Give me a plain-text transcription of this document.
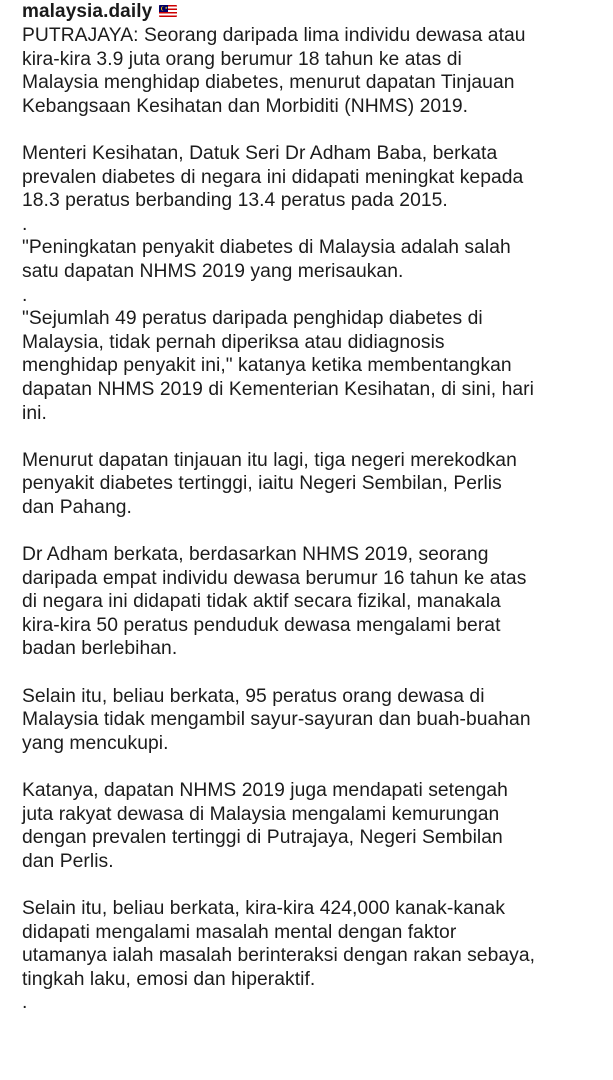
malaysia.daily

PUTRAJAYA: Seorang daripada lima individu dewasa atau
kira-kira 3.9 juta orang berumur 18 tahun ke atas di
Malaysia menghidap diabetes, menurut dapatan Tinjauan
Kebangsaan Kesihatan dan Morbiditi (NHMS) 2019.

Menteri Kesihatan, Datuk Seri Dr Adham Baba, berkata
prevalen diabetes di negara ini didapati meningkat kepada
18.3 peratus berbanding 13.4 peratus pada 2015.

.

"Peningkatan penyakit diabetes di Malaysia adalah salah
satu dapatan NHMS 2019 yang merisaukan.

.

"Sejumlah 49 peratus daripada penghidap diabetes di
Malaysia, tidak pernah diperiksa atau didiagnosis
menghidap penyakit ini," katanya ketika membentangkan
dapatan NHMS 2019 di Kementerian Kesihatan, di sini, hari
ini.

Menurut dapatan tinjauan itu lagi, tiga negeri merekodkan
penyakit diabetes tertinggi, iaitu Negeri Sembilan, Perlis
dan Pahang.

Dr Adham berkata, berdasarkan NHMS 2019, seorang
daripada empat individu dewasa berumur 16 tahun ke atas
di negara ini didapati tidak aktif secara fizikal, manakala
kira-kira 50 peratus penduduk dewasa mengalami berat
badan berlebihan.

Selain itu, beliau berkata, 95 peratus orang dewasa di
Malaysia tidak mengambil sayur-sayuran dan buah-buahan
yang mencukupi.

Katanya, dapatan NHMS 2019 juga mendapati setengah
juta rakyat dewasa di Malaysia mengalami kemurungan
dengan prevalen tertinggi di Putrajaya, Negeri Sembilan
dan Perlis.

Selain itu, beliau berkata, kira-kira 424,000 kanak-kanak
didapati mengalami masalah mental dengan faktor
utamanya ialah masalah berinteraksi dengan rakan sebaya,
tingkah laku, emosi dan hiperaktif.

.
